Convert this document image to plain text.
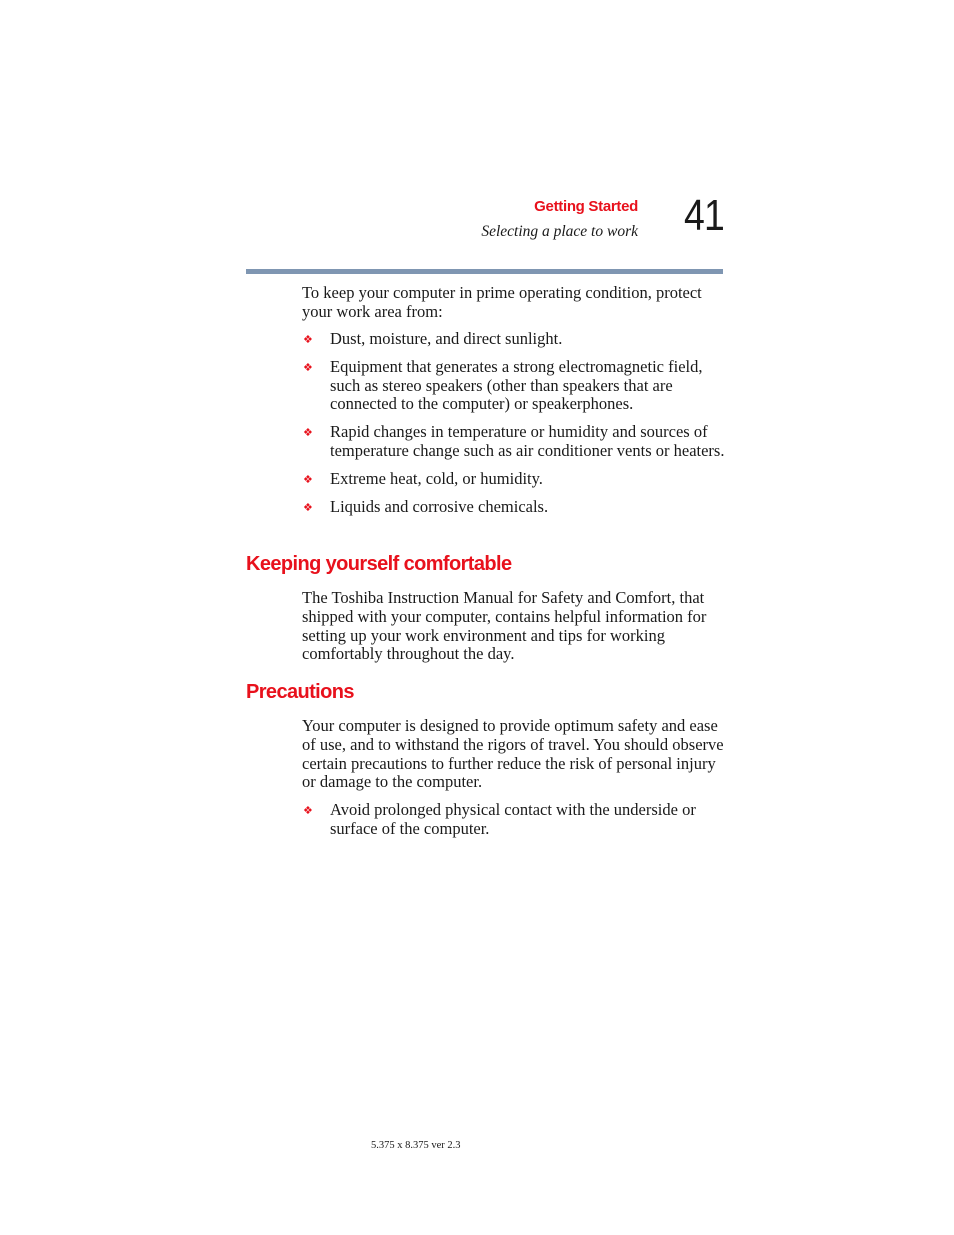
Getting Started
Selecting a place to work 41

To keep your computer in prime operating condition, protect your work area from:

❖ Dust, moisture, and direct sunlight.
❖ Equipment that generates a strong electromagnetic field, such as stereo speakers (other than speakers that are connected to the computer) or speakerphones.
❖ Rapid changes in temperature or humidity and sources of temperature change such as air conditioner vents or heaters.
❖ Extreme heat, cold, or humidity.
❖ Liquids and corrosive chemicals.
Keeping yourself comfortable

The Toshiba Instruction Manual for Safety and Comfort, that shipped with your computer, contains helpful information for setting up your work environment and tips for working comfortably throughout the day.

Precautions

Your computer is designed to provide optimum safety and ease of use, and to withstand the rigors of travel. You should observe certain precautions to further reduce the risk of personal injury or damage to the computer.

❖ Avoid prolonged physical contact with the underside or surface of the computer.
5.375 x 8.375 ver 2.3
